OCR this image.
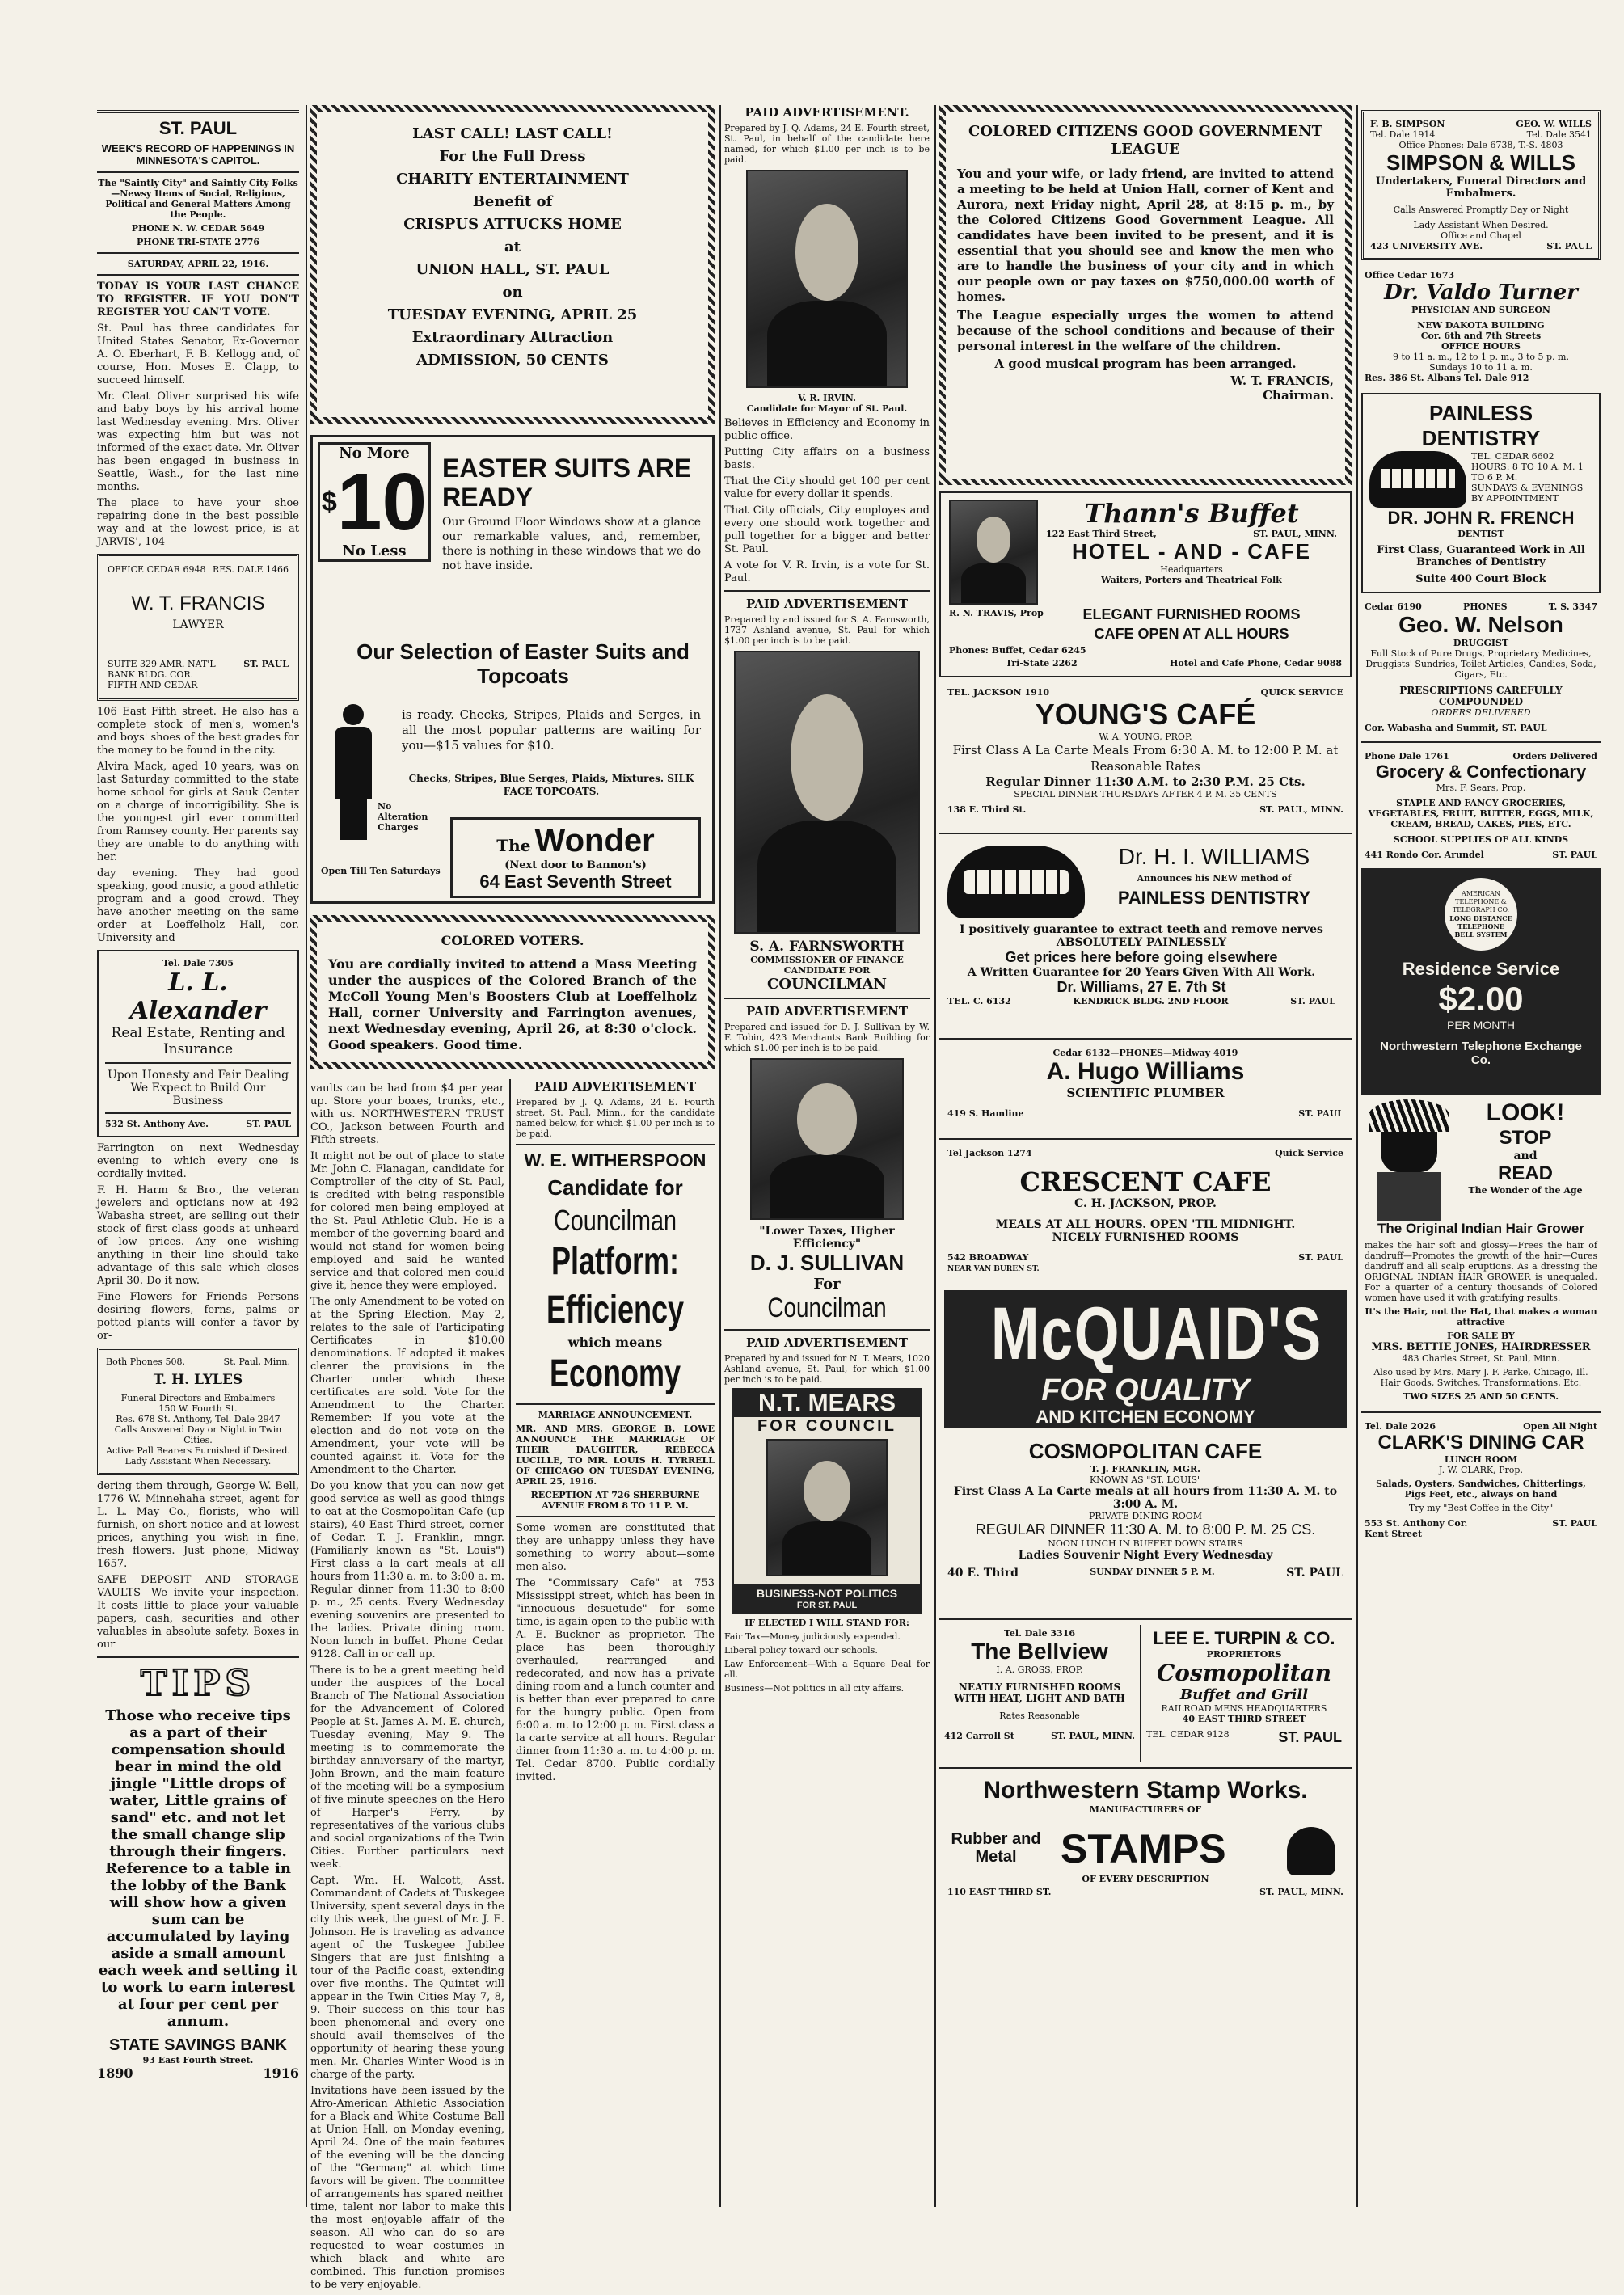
ST. PAUL
WEEK'S RECORD OF HAPPENINGS IN MINNESOTA'S CAPITOL.

The "Saintly City" and Saintly City Folks—Newsy Items of Social, Religious, Political and General Matters Among the People.

PHONE N. W. CEDAR 5649

PHONE TRI-STATE 2776

SATURDAY, APRIL 22, 1916.

TODAY IS YOUR LAST CHANCE TO REGISTER. IF YOU DON'T REGISTER YOU CAN'T VOTE.

St. Paul has three candidates for United States Senator, Ex-Governor A. O. Eberhart, F. B. Kellogg and, of course, Hon. Moses E. Clapp, to succeed himself.

Mr. Cleat Oliver surprised his wife and baby boys by his arrival home last Wednesday evening. Mrs. Oliver was expecting him but was not informed of the exact date. Mr. Oliver has been engaged in business in Seattle, Wash., for the last nine months.

The place to have your shoe repairing done in the best possible way and at the lowest price, is at JARVIS', 104-

OFFICE CEDAR 6948 RES. DALE 1466
W. T. FRANCIS
LAWYER
SUITE 329 AMR. NAT'L BANK BLDG. COR. FIFTH AND CEDAR
ST. PAUL

106 East Fifth street. He also has a complete stock of men's, women's and boys' shoes of the best grades for the money to be found in the city.

Alvira Mack, aged 10 years, was on last Saturday committed to the state home school for girls at Sauk Center on a charge of incorrigibility. She is the youngest girl ever committed from Ramsey county. Her parents say they are unable to do anything with her.

day evening. They had good speaking, good music, a good athletic program and a good crowd. They have another meeting on the same order at Loeffelholz Hall, cor. University and

Tel. Dale 7305
L. L. Alexander
Real Estate, Renting and Insurance
Upon Honesty and Fair Dealing We Expect to Build Our Business
532 St. Anthony Ave.	ST. PAUL

Farrington on next Wednesday evening to which every one is cordially invited.

F. H. Harm & Bro., the veteran jewelers and opticians now at 492 Wabasha street, are selling out their stock of first class goods at unheard of low prices. Any one wishing anything in their line should take advantage of this sale which closes April 30. Do it now.

Fine Flowers for Friends—Persons desiring flowers, ferns, palms or potted plants will confer a favor by or-

Both Phones 508.	St. Paul, Minn.
T. H. LYLES
Funeral Directors and Embalmers
150 W. Fourth St.
Res. 678 St. Anthony, Tel. Dale 2947
Calls Answered Day or Night in Twin Cities.
Active Pall Bearers Furnished if Desired.
Lady Assistant When Necessary.

dering them through, George W. Bell, 1776 W. Minnehaha street, agent for L. L. May Co., florists, who will furnish, on short notice and at lowest prices, anything you wish in fine, fresh flowers. Just phone, Midway 1657.

SAFE DEPOSIT AND STORAGE VAULTS—We invite your inspection. It costs little to place your valuable papers, cash, securities and other valuables in absolute safety. Boxes in our

TIPS

Those who receive tips as a part of their compensation should bear in mind the old jingle "Little drops of water, Little grains of sand" etc. and not let the small change slip through their fingers. Reference to a table in the lobby of the Bank will show how a given sum can be accumulated by laying aside a small amount each week and setting it to work to earn interest at four per cent per annum.

STATE SAVINGS BANK
93 East Fourth Street.
1890	1916
LAST CALL! LAST CALL!
For the Full Dress
CHARITY ENTERTAINMENT
Benefit of
CRISPUS ATTUCKS HOME
at
UNION HALL, ST. PAUL
on
TUESDAY EVENING, APRIL 25
Extraordinary Attraction
ADMISSION, 50 CENTS
No More
$10
No Less
EASTER SUITS ARE READY

Our Ground Floor Windows show at a glance our remarkable values, and, remember, there is nothing in these windows that we do not have inside.

Our Selection of Easter Suits and Topcoats

is ready. Checks, Stripes, Plaids and Serges, in all the most popular patterns are waiting for you—$15 values for $10.

Checks, Stripes, Blue Serges, Plaids, Mixtures. SILK FACE TOPCOATS.

No Alteration Charges
Open Till Ten Saturdays
The Wonder
(Next door to Bannon's)
64 East Seventh Street
COLORED VOTERS.

You are cordially invited to attend a Mass Meeting under the auspices of the Colored Branch of the McColl Young Men's Boosters Club at Loeffelholz Hall, corner University and Farrington avenues, next Wednesday evening, April 26, at 8:30 o'clock. Good speakers. Good time.

vaults can be had from $4 per year up. Store your boxes, trunks, etc., with us. NORTHWESTERN TRUST CO., Jackson between Fourth and Fifth streets.

It might not be out of place to state Mr. John C. Flanagan, candidate for Comptroller of the city of St. Paul, is credited with being responsible for colored men being employed at the St. Paul Athletic Club. He is a member of the governing board and would not stand for women being employed and said he wanted service and that colored men could give it, hence they were employed.

The only Amendment to be voted on at the Spring Election, May 2, relates to the sale of Participating Certificates in $10.00 denominations. If adopted it makes clearer the provisions in the Charter under which these certificates are sold. Vote for the Amendment to the Charter. Remember: If you vote at the election and do not vote on the Amendment, your vote will be counted against it. Vote for the Amendment to the Charter.

Do you know that you can now get good service as well as good things to eat at the Cosmopolitan Cafe (up stairs), 40 East Third street, corner of Cedar. T. J. Franklin, mngr. (Familiarly known as "St. Louis") First class a la cart meals at all hours from 11:30 a. m. to 3:00 a. m. Regular dinner from 11:30 to 8:00 p. m., 25 cents. Every Wednesday evening souvenirs are presented to the ladies. Private dining room. Noon lunch in buffet. Phone Cedar 9128. Call in or call up.

There is to be a great meeting held under the auspices of the Local Branch of The National Association for the Advancement of Colored People at St. James A. M. E. church, Tuesday evening, May 9. The meeting is to commemorate the birthday anniversary of the martyr, John Brown, and the main feature of the meeting will be a symposium of five minute speeches on the Hero of Harper's Ferry, by representatives of the various clubs and social organizations of the Twin Cities. Further particulars next week.

Capt. Wm. H. Walcott, Asst. Commandant of Cadets at Tuskegee University, spent several days in the city this week, the guest of Mr. J. E. Johnson. He is traveling as advance agent of the Tuskegee Jubilee Singers that are just finishing a tour of the Pacific coast, extending over five months. The Quintet will appear in the Twin Cities May 7, 8, 9. Their success on this tour has been phenomenal and every one should avail themselves of the opportunity of hearing these young men. Mr. Charles Winter Wood is in charge of the party.

Invitations have been issued by the Afro-American Athletic Association for a Black and White Costume Ball at Union Hall, on Monday evening, April 24. One of the main features of the evening will be the dancing of the "German;" at which time favors will be given. The committee of arrangements has spared neither time, talent nor labor to make this the most enjoyable affair of the season. All who can do so are requested to wear costumes in which black and white are combined. This function promises to be very enjoyable.

PAID ADVERTISEMENT

Prepared by J. Q. Adams, 24 E. Fourth street, St. Paul, Minn., for the candidate named below, for which $1.00 per inch is to be paid.

W. E. WITHERSPOON
Candidate for
Councilman
Platform:
Efficiency
which means
Economy
MARRIAGE ANNOUNCEMENT.

MR. AND MRS. GEORGE B. LOWE ANNOUNCE THE MARRIAGE OF THEIR DAUGHTER, REBECCA LUCILLE, TO MR. LOUIS H. TYRRELL OF CHICAGO ON TUESDAY EVENING, APRIL 25, 1916.

RECEPTION AT 726 SHERBURNE AVENUE FROM 8 TO 11 P. M.

Some women are constituted that they are unhappy unless they have something to worry about—some men also.

The "Commissary Cafe" at 753 Mississippi street, which has been in "innocuous desuetude" for some time, is again open to the public with A. E. Buckner as proprietor. The place has been thoroughly overhauled, rearranged and redecorated, and now has a private dining room and a lunch counter and is better than ever prepared to care for the hungry public. Open from 6:00 a. m. to 12:00 p. m. First class a la carte service at all hours. Regular dinner from 11:30 a. m. to 4:00 p. m. Tel. Cedar 8700. Public cordially invited.

PAID ADVERTISEMENT.

Prepared by J. Q. Adams, 24 E. Fourth street, St. Paul, in behalf of the candidate here named, for which $1.00 per inch is to be paid.

V. R. IRVIN.
Candidate for Mayor of St. Paul.

Believes in Efficiency and Economy in public office.

Putting City affairs on a business basis.

That the City should get 100 per cent value for every dollar it spends.

That City officials, City employes and every one should work together and pull together for a bigger and better St. Paul.

A vote for V. R. Irvin, is a vote for St. Paul.

PAID ADVERTISEMENT

Prepared by and issued for S. A. Farnsworth, 1737 Ashland avenue, St. Paul for which $1.00 per inch is to be paid.

S. A. FARNSWORTH
COMMISSIONER OF FINANCE
CANDIDATE FOR
COUNCILMAN
PAID ADVERTISEMENT

Prepared and issued for D. J. Sullivan by W. F. Tobin, 423 Merchants Bank Building for which $1.00 per inch is to be paid.

"Lower Taxes, Higher Efficiency"
D. J. SULLIVAN
For
Councilman
PAID ADVERTISEMENT

Prepared by and issued for N. T. Mears, 1020 Ashland avenue, St. Paul, for which $1.00 per inch is to be paid.

N.T. MEARS
FOR COUNCIL
BUSINESS-NOT POLITICS
FOR ST. PAUL
IF ELECTED I WILL STAND FOR:

Fair Tax—Money judiciously expended.

Liberal policy toward our schools.

Law Enforcement—With a Square Deal for all.

Business—Not politics in all city affairs.

COLORED CITIZENS GOOD GOVERNMENT LEAGUE

You and your wife, or lady friend, are invited to attend a meeting to be held at Union Hall, corner of Kent and Aurora, next Friday night, April 28, at 8:15 p. m., by the Colored Citizens Good Government League. All candidates have been invited to be present, and it is essential that you should see and know the men who are to handle the business of your city and in which our people own or pay taxes on $750,000.00 worth of homes.

The League especially urges the women to attend because of the school conditions and because of their personal interest in the welfare of the children.

A good musical program has been arranged.

W. T. FRANCIS,
Chairman.
Thann's Buffet
122 East Third Street,	ST. PAUL, MINN.
HOTEL - AND - CAFE
Headquarters
Waiters, Porters and Theatrical Folk
R. N. TRAVIS, Prop	ELEGANT FURNISHED ROOMS
CAFE OPEN AT ALL HOURS
Phones: Buffet, Cedar 6245
Tri-State 2262	Hotel and Cafe Phone, Cedar 9088
TEL. JACKSON 1910	QUICK SERVICE
YOUNG'S CAFÉ
W. A. YOUNG, PROP.
First Class A La Carte Meals From 6:30 A. M. to 12:00 P. M. at Reasonable Rates
Regular Dinner 11:30 A.M. to 2:30 P.M. 25 Cts.
SPECIAL DINNER THURSDAYS AFTER 4 P. M. 35 CENTS
138 E. Third St.	ST. PAUL, MINN.
Dr. H. I. WILLIAMS
Announces his NEW method of
PAINLESS DENTISTRY
I positively guarantee to extract teeth and remove nerves
ABSOLUTELY PAINLESSLY
Get prices here before going elsewhere
A Written Guarantee for 20 Years Given With All Work.
Dr. Williams, 27 E. 7th St
TEL. C. 6132	KENDRICK BLDG. 2ND FLOOR	ST. PAUL
Cedar 6132—PHONES—Midway 4019
A. Hugo Williams
SCIENTIFIC PLUMBER
419 S. Hamline	ST. PAUL
Tel Jackson 1274	Quick Service
CRESCENT CAFE
C. H. JACKSON, PROP.
MEALS AT ALL HOURS. OPEN 'TIL MIDNIGHT.
NICELY FURNISHED ROOMS
542 BROADWAY
NEAR VAN BUREN ST.
ST. PAUL
McQUAID'S
FOR QUALITY
AND KITCHEN ECONOMY
COSMOPOLITAN CAFE
T. J. FRANKLIN, MGR.
KNOWN AS "ST. LOUIS"
First Class A La Carte meals at all hours from 11:30 A. M. to 3:00 A. M.
PRIVATE DINING ROOM
REGULAR DINNER 11:30 A. M. to 8:00 P. M. 25 CS.
NOON LUNCH IN BUFFET DOWN STAIRS
Ladies Souvenir Night Every Wednesday
40 E. Third	SUNDAY DINNER 5 P. M.	ST. PAUL
Tel. Dale 3316
The Bellview
I. A. GROSS, PROP.
NEATLY FURNISHED ROOMS WITH HEAT, LIGHT AND BATH
Rates Reasonable
412 Carroll St	ST. PAUL, MINN.
LEE E. TURPIN & CO.
PROPRIETORS
Cosmopolitan
Buffet and Grill
RAILROAD MENS HEADQUARTERS
40 EAST THIRD STREET
TEL. CEDAR 9128	ST. PAUL
Northwestern Stamp Works.
MANUFACTURERS OF
Rubber and Metal	STAMPS
OF EVERY DESCRIPTION
110 EAST THIRD ST.	ST. PAUL, MINN.
F. B. SIMPSON	GEO. W. WILLS
Tel. Dale 1914	Tel. Dale 3541
Office Phones: Dale 6738, T.-S. 4803
SIMPSON & WILLS
Undertakers, Funeral Directors and Embalmers.
Calls Answered Promptly Day or Night
Lady Assistant When Desired.
Office and Chapel
423 UNIVERSITY AVE.	ST. PAUL
Office Cedar 1673
Dr. Valdo Turner
PHYSICIAN AND SURGEON
NEW DAKOTA BUILDING
Cor. 6th and 7th Streets
OFFICE HOURS
9 to 11 a. m., 12 to 1 p. m., 3 to 5 p. m.
Sundays 10 to 11 a. m.
Res. 386 St. Albans Tel. Dale 912
PAINLESS DENTISTRY
TEL. CEDAR 6602
HOURS: 8 TO 10 A. M. 1 TO 6 P. M.
SUNDAYS & EVENINGS BY APPOINTMENT
DR. JOHN R. FRENCH
DENTIST
First Class, Guaranteed Work in All Branches of Dentistry
Suite 400 Court Block
Cedar 6190	PHONES	T. S. 3347
Geo. W. Nelson
DRUGGIST
Full Stock of Pure Drugs, Proprietary Medicines, Druggists' Sundries, Toilet Articles, Candies, Soda, Cigars, Etc.
PRESCRIPTIONS CAREFULLY COMPOUNDED
ORDERS DELIVERED
Cor. Wabasha and Summit, ST. PAUL
Phone Dale 1761	Orders Delivered
Grocery & Confectionary
Mrs. F. Sears, Prop.
STAPLE AND FANCY GROCERIES, VEGETABLES, FRUIT, BUTTER, EGGS, MILK, CREAM, BREAD, CAKES, PIES, ETC.
SCHOOL SUPPLIES OF ALL KINDS
441 Rondo Cor. Arundel	ST. PAUL
AMERICAN TELEPHONE & TELEGRAPH CO.
LONG DISTANCE TELEPHONE
BELL SYSTEM
Residence Service
$2.00
PER MONTH
Northwestern Telephone Exchange Co.
LOOK!
STOP
and
READ
The Wonder of the Age
The Original Indian Hair Grower

makes the hair soft and glossy—Frees the hair of dandruff—Promotes the growth of the hair—Cures dandruff and all scalp eruptions. As a dressing the ORIGINAL INDIAN HAIR GROWER is unequaled. For a quarter of a century thousands of Colored women have used it with gratifying results.

It's the Hair, not the Hat, that makes a woman attractive

FOR SALE BY
MRS. BETTIE JONES, HAIRDRESSER
483 Charles Street, St. Paul, Minn.

Also used by Mrs. Mary J. F. Parke, Chicago, Ill. Hair Goods, Switches, Transformations, Etc.

TWO SIZES 25 AND 50 CENTS.
Tel. Dale 2026	Open All Night
CLARK'S DINING CAR
LUNCH ROOM
J. W. CLARK, Prop.
Salads, Oysters, Sandwiches, Chitterlings, Pigs Feet, etc., always on hand
Try my "Best Coffee in the City"
553 St. Anthony Cor. Kent Street
ST. PAUL
